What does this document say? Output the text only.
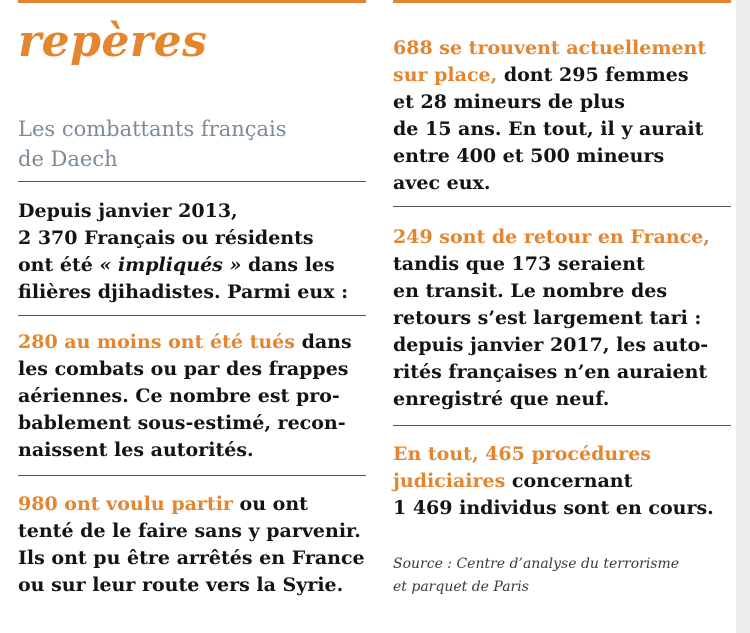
repères
Les combattants français
de Daech
Depuis janvier 2013,
2 370 Français ou résidents
ont été « impliqués » dans les
filières djihadistes. Parmi eux :
280 au moins ont été tués dans
les combats ou par des frappes
aériennes. Ce nombre est pro-
bablement sous-estimé, recon-
naissent les autorités.
980 ont voulu partir ou ont
tenté de le faire sans y parvenir.
Ils ont pu être arrêtés en France
ou sur leur route vers la Syrie.
688 se trouvent actuellement
sur place, dont 295 femmes
et 28 mineurs de plus
de 15 ans. En tout, il y aurait
entre 400 et 500 mineurs
avec eux.
249 sont de retour en France,
tandis que 173 seraient
en transit. Le nombre des
retours s’est largement tari :
depuis janvier 2017, les auto-
rités françaises n’en auraient
enregistré que neuf.
En tout, 465 procédures
judiciaires concernant
1 469 individus sont en cours.
Source : Centre d’analyse du terrorisme
et parquet de Paris
